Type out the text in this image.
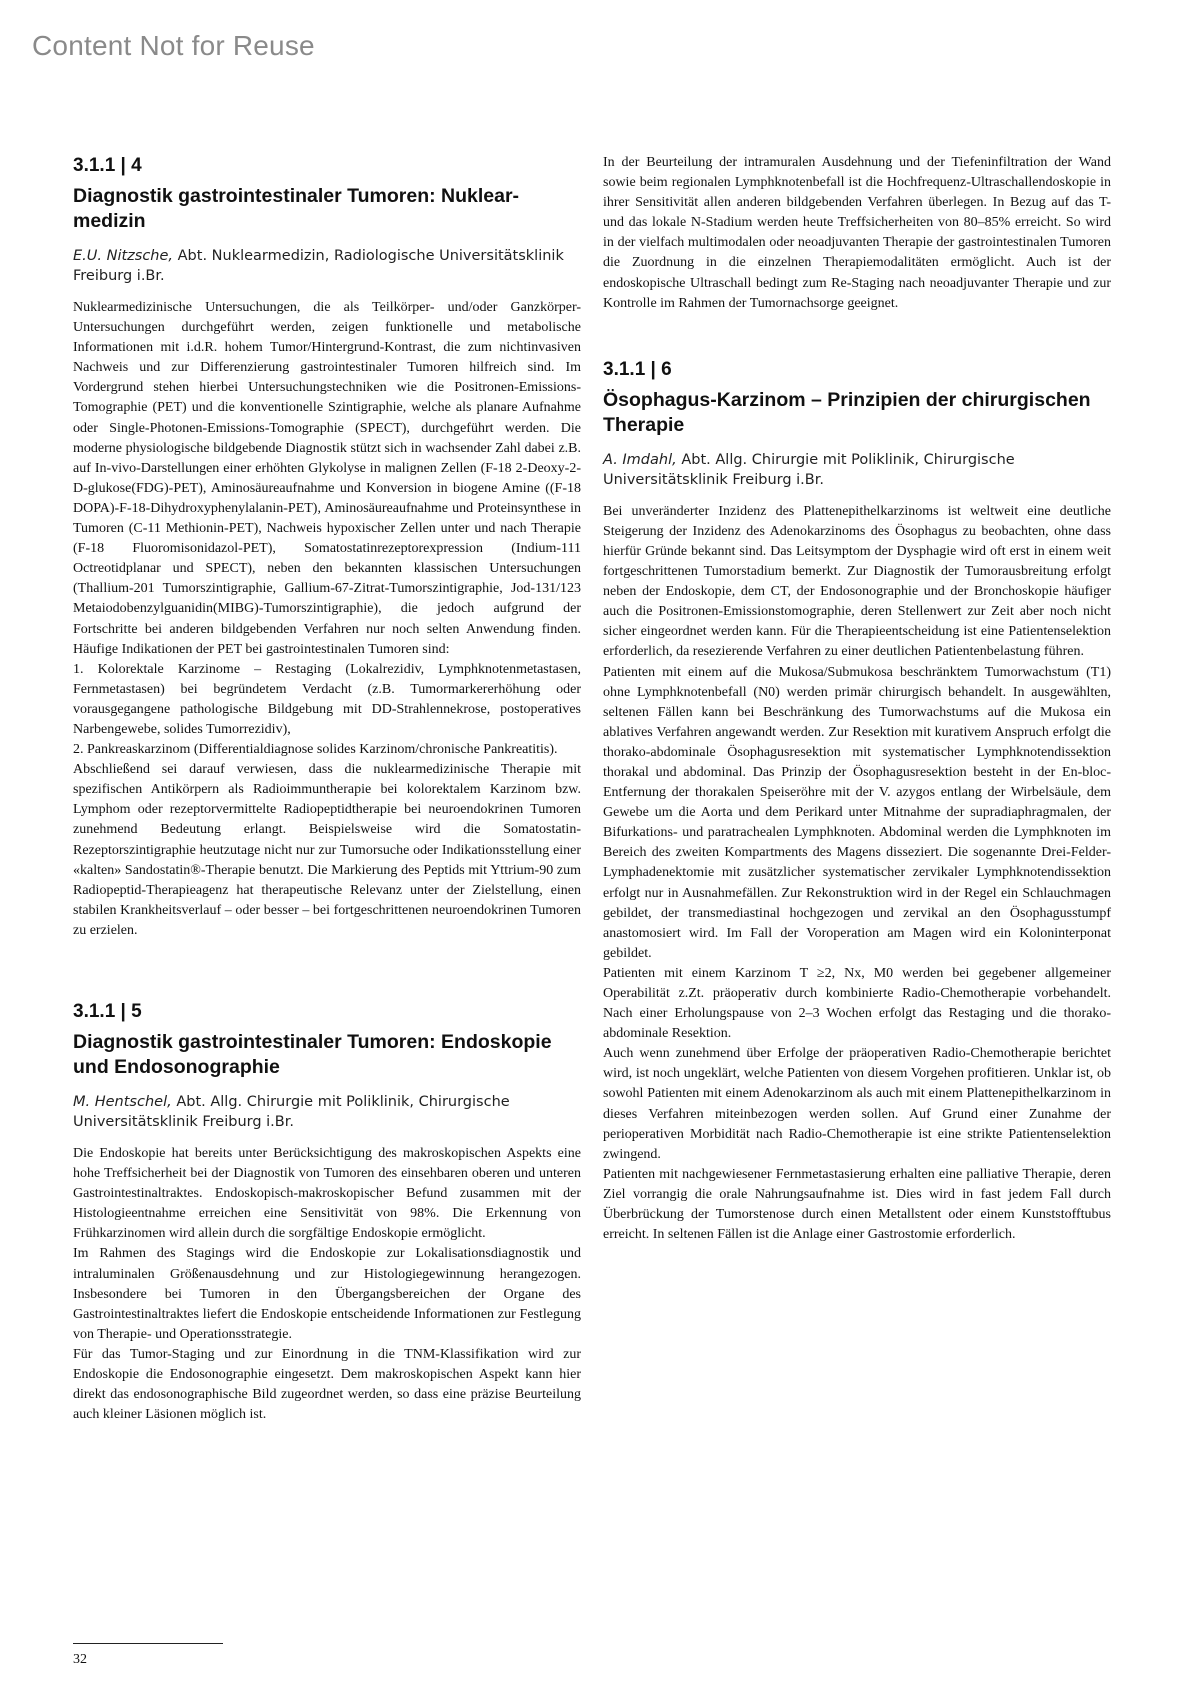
Content Not for Reuse
3.1.1 | 4
Diagnostik gastrointestinaler Tumoren: Nuklear-medizin
E.U. Nitzsche, Abt. Nuklearmedizin, Radiologische Universitätsklinik Freiburg i.Br.

Nuklearmedizinische Untersuchungen, die als Teilkörper- und/oder Ganzkörper-Untersuchungen durchgeführt werden, zeigen funktionelle und metabolische Informationen mit i.d.R. hohem Tumor/Hintergrund-Kontrast, die zum nichtinvasiven Nachweis und zur Differenzierung gastrointestinaler Tumoren hilfreich sind. Im Vordergrund stehen hierbei Untersuchungstechniken wie die Positronen-Emissions-Tomographie (PET) und die konventionelle Szintigraphie, welche als planare Aufnahme oder Single-Photonen-Emissions-Tomographie (SPECT), durchgeführt werden. Die moderne physiologische bildgebende Diagnostik stützt sich in wachsender Zahl dabei z.B. auf In-vivo-Darstellungen einer erhöhten Glykolyse in malignen Zellen (F-18 2-Deoxy-2-D-glukose(FDG)-PET), Aminosäureaufnahme und Konversion in biogene Amine ((F-18 DOPA)-F-18-Dihydroxyphenylalanin-PET), Aminosäureaufnahme und Proteinsynthese in Tumoren (C-11 Methionin-PET), Nachweis hypoxischer Zellen unter und nach Therapie (F-18 Fluoromisonidazol-PET), Somatostatinrezeptorexpression (Indium-111 Octreotidplanar und SPECT), neben den bekannten klassischen Untersuchungen (Thallium-201 Tumorszintigraphie, Gallium-67-Zitrat-Tumorszintigraphie, Jod-131/123 Metaiodobenzylguanidin(MIBG)-Tumorszintigraphie), die jedoch aufgrund der Fortschritte bei anderen bildgebenden Verfahren nur noch selten Anwendung finden. Häufige Indikationen der PET bei gastrointestinalen Tumoren sind:

1. Kolorektale Karzinome – Restaging (Lokalrezidiv, Lymphknotenmetastasen, Fernmetastasen) bei begründetem Verdacht (z.B. Tumormarkererhöhung oder vorausgegangene pathologische Bildgebung mit DD-Strahlennekrose, postoperatives Narbengewebe, solides Tumorrezidiv),

2. Pankreaskarzinom (Differentialdiagnose solides Karzinom/chronische Pankreatitis).

Abschließend sei darauf verwiesen, dass die nuklearmedizinische Therapie mit spezifischen Antikörpern als Radioimmuntherapie bei kolorektalem Karzinom bzw. Lymphom oder rezeptorvermittelte Radiopeptidtherapie bei neuroendokrinen Tumoren zunehmend Bedeutung erlangt. Beispielsweise wird die Somatostatin-Rezeptorszintigraphie heutzutage nicht nur zur Tumorsuche oder Indikationsstellung einer «kalten» Sandostatin®-Therapie benutzt. Die Markierung des Peptids mit Yttrium-90 zum Radiopeptid-Therapieagenz hat therapeutische Relevanz unter der Zielstellung, einen stabilen Krankheitsverlauf – oder besser – bei fortgeschrittenen neuroendokrinen Tumoren zu erzielen.

3.1.1 | 5
Diagnostik gastrointestinaler Tumoren: Endoskopie und Endosonographie
M. Hentschel, Abt. Allg. Chirurgie mit Poliklinik, Chirurgische Universitätsklinik Freiburg i.Br.

Die Endoskopie hat bereits unter Berücksichtigung des makroskopischen Aspekts eine hohe Treffsicherheit bei der Diagnostik von Tumoren des einsehbaren oberen und unteren Gastrointestinaltraktes. Endoskopisch-makroskopischer Befund zusammen mit der Histologieentnahme erreichen eine Sensitivität von 98%. Die Erkennung von Frühkarzinomen wird allein durch die sorgfältige Endoskopie ermöglicht.

Im Rahmen des Stagings wird die Endoskopie zur Lokalisationsdiagnostik und intraluminalen Größenausdehnung und zur Histologiegewinnung herangezogen. Insbesondere bei Tumoren in den Übergangsbereichen der Organe des Gastrointestinaltraktes liefert die Endoskopie entscheidende Informationen zur Festlegung von Therapie- und Operationsstrategie.

Für das Tumor-Staging und zur Einordnung in die TNM-Klassifikation wird zur Endoskopie die Endosonographie eingesetzt. Dem makroskopischen Aspekt kann hier direkt das endosonographische Bild zugeordnet werden, so dass eine präzise Beurteilung auch kleiner Läsionen möglich ist.

In der Beurteilung der intramuralen Ausdehnung und der Tiefeninfiltration der Wand sowie beim regionalen Lymphknotenbefall ist die Hochfrequenz-Ultraschallendoskopie in ihrer Sensitivität allen anderen bildgebenden Verfahren überlegen. In Bezug auf das T- und das lokale N-Stadium werden heute Treffsicherheiten von 80–85% erreicht. So wird in der vielfach multimodalen oder neoadjuvanten Therapie der gastrointestinalen Tumoren die Zuordnung in die einzelnen Therapiemodalitäten ermöglicht. Auch ist der endoskopische Ultraschall bedingt zum Re-Staging nach neoadjuvanter Therapie und zur Kontrolle im Rahmen der Tumornachsorge geeignet.

3.1.1 | 6
Ösophagus-Karzinom – Prinzipien der chirurgischen Therapie
A. Imdahl, Abt. Allg. Chirurgie mit Poliklinik, Chirurgische Universitätsklinik Freiburg i.Br.

Bei unveränderter Inzidenz des Plattenepithelkarzinoms ist weltweit eine deutliche Steigerung der Inzidenz des Adenokarzinoms des Ösophagus zu beobachten, ohne dass hierfür Gründe bekannt sind. Das Leitsymptom der Dysphagie wird oft erst in einem weit fortgeschrittenen Tumorstadium bemerkt. Zur Diagnostik der Tumorausbreitung erfolgt neben der Endoskopie, dem CT, der Endosonographie und der Bronchoskopie häufiger auch die Positronen-Emissionstomographie, deren Stellenwert zur Zeit aber noch nicht sicher eingeordnet werden kann. Für die Therapieentscheidung ist eine Patientenselektion erforderlich, da resezierende Verfahren zu einer deutlichen Patientenbelastung führen.

Patienten mit einem auf die Mukosa/Submukosa beschränktem Tumorwachstum (T1) ohne Lymphknotenbefall (N0) werden primär chirurgisch behandelt. In ausgewählten, seltenen Fällen kann bei Beschränkung des Tumorwachstums auf die Mukosa ein ablatives Verfahren angewandt werden. Zur Resektion mit kurativem Anspruch erfolgt die thorako-abdominale Ösophagusresektion mit systematischer Lymphknotendissektion thorakal und abdominal. Das Prinzip der Ösophagusresektion besteht in der En-bloc-Entfernung der thorakalen Speiseröhre mit der V. azygos entlang der Wirbelsäule, dem Gewebe um die Aorta und dem Perikard unter Mitnahme der supradiaphragmalen, der Bifurkations- und paratrachealen Lymphknoten. Abdominal werden die Lymphknoten im Bereich des zweiten Kompartments des Magens disseziert. Die sogenannte Drei-Felder-Lymphadenektomie mit zusätzlicher systematischer zervikaler Lymphknotendissektion erfolgt nur in Ausnahmefällen. Zur Rekonstruktion wird in der Regel ein Schlauchmagen gebildet, der transmediastinal hochgezogen und zervikal an den Ösophagusstumpf anastomosiert wird. Im Fall der Voroperation am Magen wird ein Koloninterponat gebildet.

Patienten mit einem Karzinom T ≥2, Nx, M0 werden bei gegebener allgemeiner Operabilität z.Zt. präoperativ durch kombinierte Radio-Chemotherapie vorbehandelt. Nach einer Erholungspause von 2–3 Wochen erfolgt das Restaging und die thorako-abdominale Resektion.

Auch wenn zunehmend über Erfolge der präoperativen Radio-Chemotherapie berichtet wird, ist noch ungeklärt, welche Patienten von diesem Vorgehen profitieren. Unklar ist, ob sowohl Patienten mit einem Adenokarzinom als auch mit einem Plattenepithelkarzinom in dieses Verfahren miteinbezogen werden sollen. Auf Grund einer Zunahme der perioperativen Morbidität nach Radio-Chemotherapie ist eine strikte Patientenselektion zwingend.

Patienten mit nachgewiesener Fernmetastasierung erhalten eine palliative Therapie, deren Ziel vorrangig die orale Nahrungsaufnahme ist. Dies wird in fast jedem Fall durch Überbrückung der Tumorstenose durch einen Metallstent oder einem Kunststofftubus erreicht. In seltenen Fällen ist die Anlage einer Gastrostomie erforderlich.

32
